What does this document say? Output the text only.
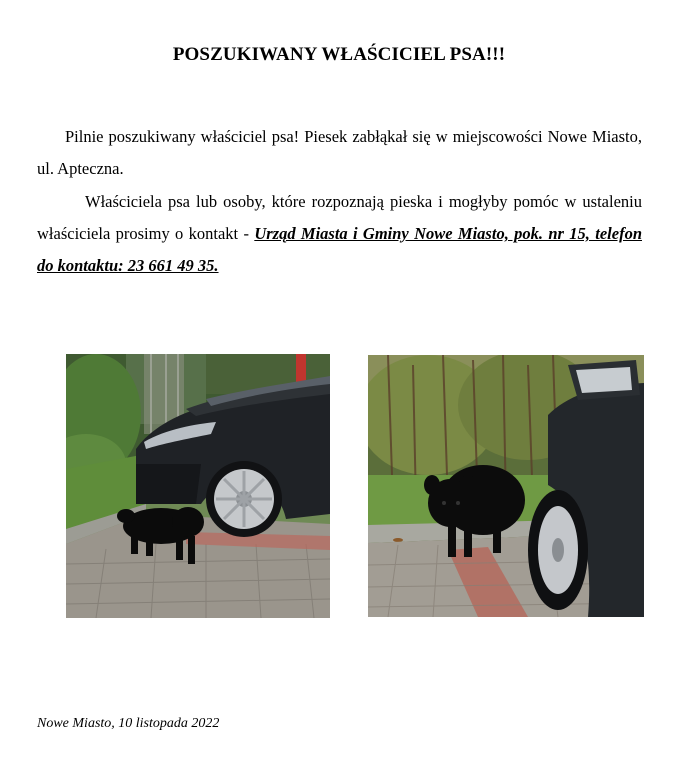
POSZUKIWANY WŁAŚCICIEL PSA!!!
Pilnie poszukiwany właściciel psa! Piesek zabłąkał się w miejscowości Nowe Miasto, ul. Apteczna.
Właściciela psa lub osoby, które rozpoznają pieska i mogłyby pomóc w ustaleniu właściciela prosimy o kontakt - Urząd Miasta i Gminy Nowe Miasto, pok. nr 15, telefon do kontaktu: 23 661 49 35.
Nowe Miasto, 10 listopada 2022
